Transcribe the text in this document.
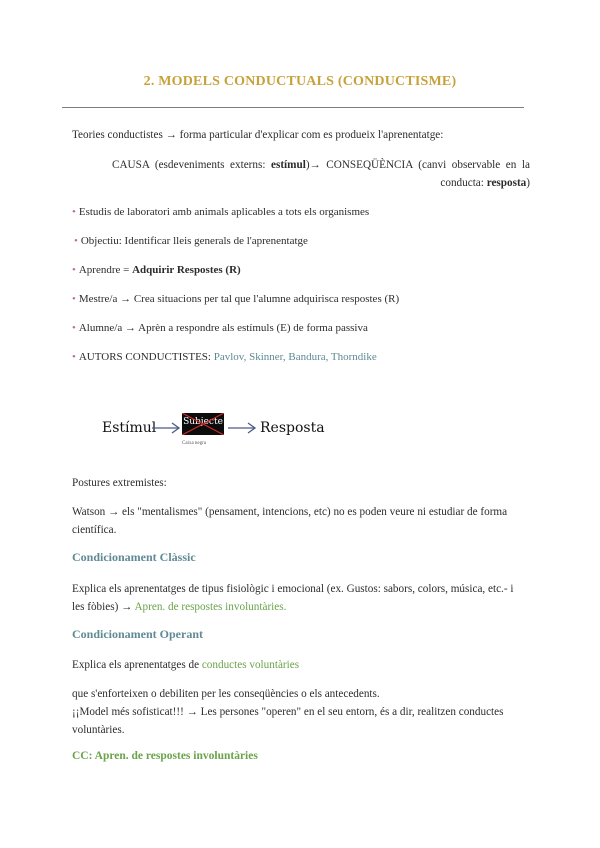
2. MODELS CONDUCTUALS (CONDUCTISME)
Teories conductistes → forma particular d'explicar com es produeix l'aprenentatge:
CAUSA (esdeveniments externs: estímul)→ CONSEQÜÈNCIA (canvi observable en la conducta: resposta)
• Estudis de laboratori amb animals aplicables a tots els organismes
• Objectiu: Identificar lleis generals de l'aprenentatge
• Aprendre = Adquirir Respostes (R)
• Mestre/a → Crea situacions per tal que l'alumne adquirisca respostes (R)
• Alumne/a → Aprèn a respondre als estímuls (E) de forma passiva
• AUTORS CONDUCTISTES: Pavlov, Skinner, Bandura, Thorndike
Estímul	Subjecte
Caixa negra
Resposta
Postures extremistes:
Watson → els "mentalismes" (pensament, intencions, etc) no es poden veure ni estudiar de forma científica.
Condicionament Clàssic
Explica els aprenentatges de tipus fisiològic i emocional (ex. Gustos: sabors, colors, música, etc.- i les fòbies) → Apren. de respostes involuntàries.
Condicionament Operant
Explica els aprenentatges de conductes voluntàries
que s'enforteixen o debiliten per les conseqüències o els antecedents.
¡¡Model més sofisticat!!! → Les persones "operen" en el seu entorn, és a dir, realitzen conductes voluntàries.
CC: Apren. de respostes involuntàries
